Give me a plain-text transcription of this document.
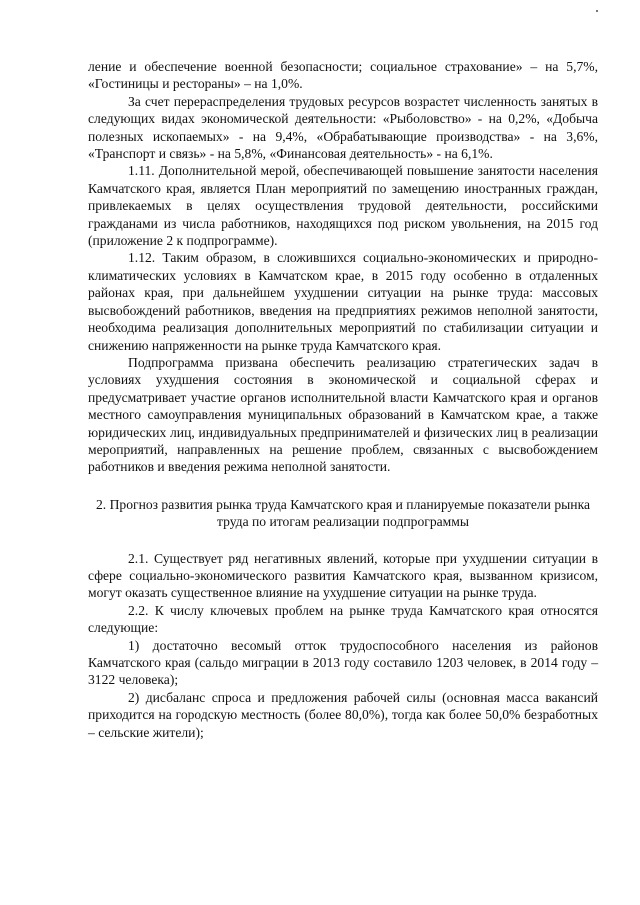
ление и обеспечение военной безопасности; социальное страхование» – на 5,7%, «Гостиницы и рестораны» – на 1,0%.

За счет перераспределения трудовых ресурсов возрастет численность занятых в следующих видах экономической деятельности: «Рыболовство» - на 0,2%, «Добыча полезных ископаемых» - на 9,4%, «Обрабатывающие производства» - на 3,6%, «Транспорт и связь» - на 5,8%, «Финансовая деятельность» - на 6,1%.

1.11. Дополнительной мерой, обеспечивающей повышение занятости населения Камчатского края, является План мероприятий по замещению иностранных граждан, привлекаемых в целях осуществления трудовой деятельности, российскими гражданами из числа работников, находящихся под риском увольнения, на 2015 год (приложение 2 к подпрограмме).

1.12. Таким образом, в сложившихся социально-экономических и природно-климатических условиях в Камчатском крае, в 2015 году особенно в отдаленных районах края, при дальнейшем ухудшении ситуации на рынке труда: массовых высвобождений работников, введения на предприятиях режимов неполной занятости, необходима реализация дополнительных мероприятий по стабилизации ситуации и снижению напряженности на рынке труда Камчатского края.

Подпрограмма призвана обеспечить реализацию стратегических задач в условиях ухудшения состояния в экономической и социальной сферах и предусматривает участие органов исполнительной власти Камчатского края и органов местного самоуправления муниципальных образований в Камчатском крае, а также юридических лиц, индивидуальных предпринимателей и физических лиц в реализации мероприятий, направленных на решение проблем, связанных с высвобождением работников и введения режима неполной занятости.

2. Прогноз развития рынка труда Камчатского края и планируемые показатели рынка труда по итогам реализации подпрограммы

2.1. Существует ряд негативных явлений, которые при ухудшении ситуации в сфере социально-экономического развития Камчатского края, вызванном кризисом, могут оказать существенное влияние на ухудшение ситуации на рынке труда.

2.2. К числу ключевых проблем на рынке труда Камчатского края относятся следующие:

1) достаточно весомый отток трудоспособного населения из районов Камчатского края (сальдо миграции в 2013 году составило 1203 человек, в 2014 году – 3122 человека);

2) дисбаланс спроса и предложения рабочей силы (основная масса вакансий приходится на городскую местность (более 80,0%), тогда как более 50,0% безработных – сельские жители);
